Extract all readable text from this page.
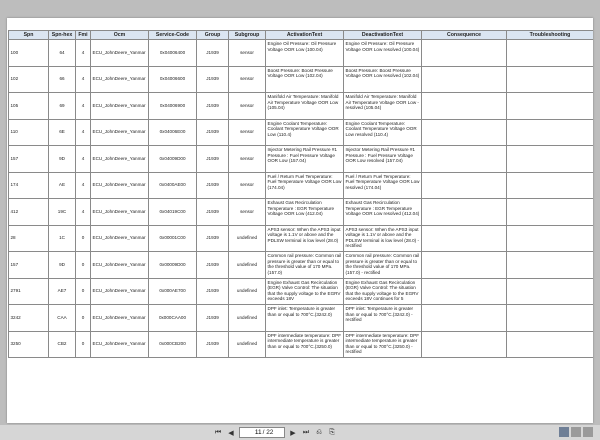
Spn	Spn-hex	Fmi	Ocm	Service-Code	Group	Subgroup	ActivationText	DeactivationText	Consequence	Troubleshooting
100	64	4	ECU_JohnDeere_Yanmar	0x04006400	J1939	sensor	Engine Oil Pressure: Oil Pressure Voltage OOR Low (100.04)	Engine Oil Pressure: Oil Pressure Voltage OOR Low resolved (100.04)		
102	66	4	ECU_JohnDeere_Yanmar	0x04006600	J1939	sensor	Boost Pressure: Boost Pressure Voltage OOR Low (102.04)	Boost Pressure: Boost Pressure Voltage OOR Low resolved (102.04)		
105	69	4	ECU_JohnDeere_Yanmar	0x04006900	J1939	sensor	Manifold Air Temperature: Manifold Air Temperature Voltage OOR Low (105.04)	Manifold Air Temperature: Manifold Air Temperature Voltage OOR Low - resolved (105.04)		
110	6E	4	ECU_JohnDeere_Yanmar	0x04006E00	J1939	sensor	Engine Coolant Temperature: Coolant Temperature Voltage OOR Low (110.4)	Engine Coolant Temperature: Coolant Temperature Voltage OOR Low resolved (110.4)		
157	9D	4	ECU_JohnDeere_Yanmar	0x04009D00	J1939	sensor	Injector Metering Rail Pressure #1 Pressure : Fuel Pressure Voltage OOR Low (157.04)	Injector Metering Rail Pressure #1 Pressure : Fuel Pressure Voltage OOR Low resolved (157.04)		
174	AE	4	ECU_JohnDeere_Yanmar	0x0400AE00	J1939	sensor	Fuel / Return Fuel Temperature: Fuel Temperature Voltage OOR Low (174.04)	Fuel / Return Fuel Temperature: Fuel Temperature Voltage OOR Low resolved (174.04)		
412	19C	4	ECU_JohnDeere_Yanmar	0x04019C00	J1939	sensor	Exhaust Gas Recirculation Temperature : EGR Temperature Voltage OOR Low (412.04)	Exhaust Gas Recirculation Temperature : EGR Temperature Voltage OOR Low resolved (412.04)		
28	1C	0	ECU_JohnDeere_Yanmar	0x00001C00	J1939	undefined	APS3 sensor: When the APS3 input voltage is 1.1V or above and the PDLSW terminal is low level (28.0)	APS3 sensor: When the APS3 input voltage is 1.1V or above and the PDLSW terminal is low level (28.0) - rectified		
157	9D	0	ECU_JohnDeere_Yanmar	0x00009D00	J1939	undefined	Common rail pressure: Common rail pressure is greater than or equal to the threshold value of 170 MPa. (157.0)	Common rail pressure: Common rail pressure is greater than or equal to the threshold value of 170 MPa. (157.0) - rectified		
2791	AE7	0	ECU_JohnDeere_Yanmar	0x000AE700	J1939	undefined	Engine Exhaust Gas Recirculation (EGR) Valve Control: The situation that the supply voltage to the EGRV exceeds 18V	Engine Exhaust Gas Recirculation (EGR) Valve Control: The situation that the supply voltage to the EGRV exceeds 18V continues for 5		
3242	CAA	0	ECU_JohnDeere_Yanmar	0x000CAA00	J1939	undefined	DPF inlet: Temperature is greater than or equal to 700°C.(3242.0)	DPF inlet: Temperature is greater than or equal to 700°C.(3242.0) - rectified		
3250	CB2	0	ECU_JohnDeere_Yanmar	0x000CB200	J1939	undefined	DPF intermediate temperature: DPF intermediate temperature is greater than or equal to 700°C.(3250.0)	DPF intermediate temperature: DPF intermediate temperature is greater than or equal to 700°C.(3250.0) - rectified		
⏮	◀
11	/ 22	▶	⏭	⎌	⎘
